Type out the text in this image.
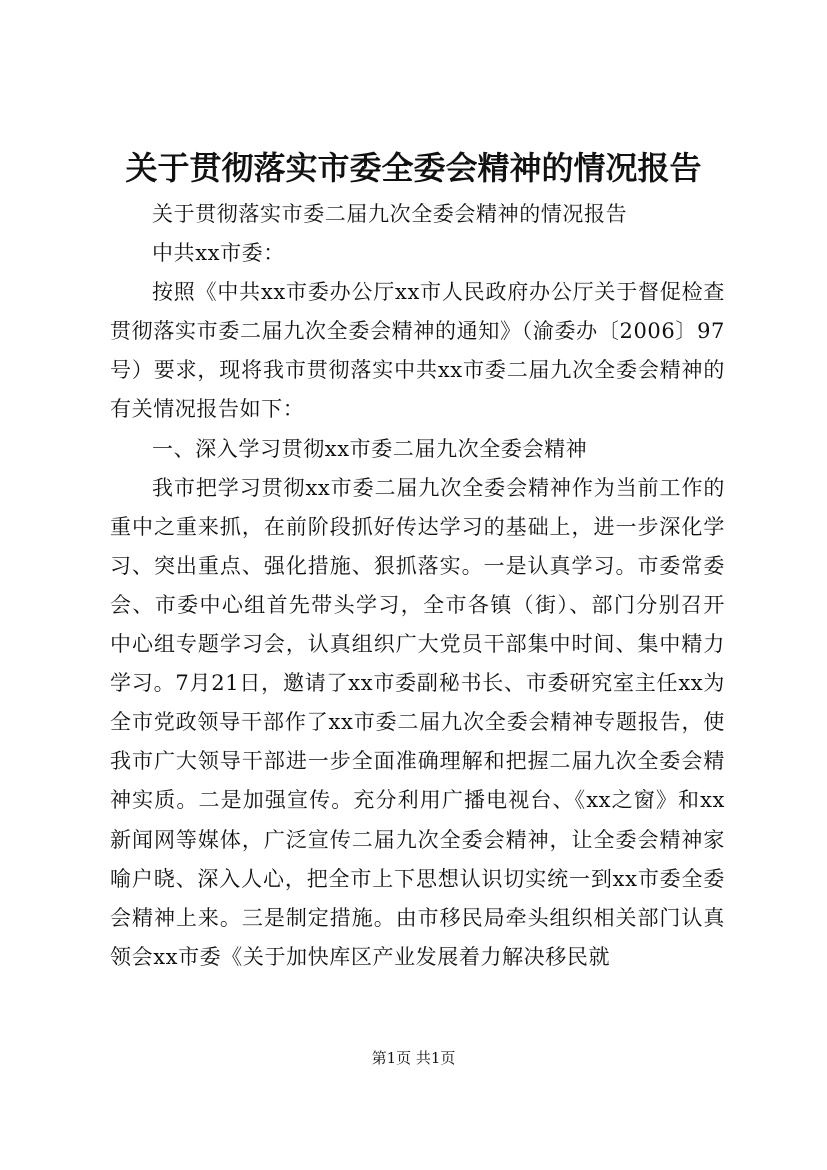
关于贯彻落实市委全委会精神的情况报告

关于贯彻落实市委二届九次全委会精神的情况报告

中共xx市委：

按照《中共xx市委办公厅xx市人民政府办公厅关于督促检查贯彻落实市委二届九次全委会精神的通知》（渝委办〔2006〕97号）要求，现将我市贯彻落实中共xx市委二届九次全委会精神的有关情况报告如下：

一、深入学习贯彻xx市委二届九次全委会精神

我市把学习贯彻xx市委二届九次全委会精神作为当前工作的重中之重来抓，在前阶段抓好传达学习的基础上，进一步深化学习、突出重点、强化措施、狠抓落实。一是认真学习。市委常委会、市委中心组首先带头学习，全市各镇（街）、部门分别召开中心组专题学习会，认真组织广大党员干部集中时间、集中精力学习。7月21日，邀请了xx市委副秘书长、市委研究室主任xx为全市党政领导干部作了xx市委二届九次全委会精神专题报告，使我市广大领导干部进一步全面准确理解和把握二届九次全委会精神实质。二是加强宣传。充分利用广播电视台、《xx之窗》和xx新闻网等媒体，广泛宣传二届九次全委会精神，让全委会精神家喻户晓、深入人心，把全市上下思想认识切实统一到xx市委全委会精神上来。三是制定措施。由市移民局牵头组织相关部门认真领会xx市委《关于加快库区产业发展着力解决移民就

第1页 共1页
